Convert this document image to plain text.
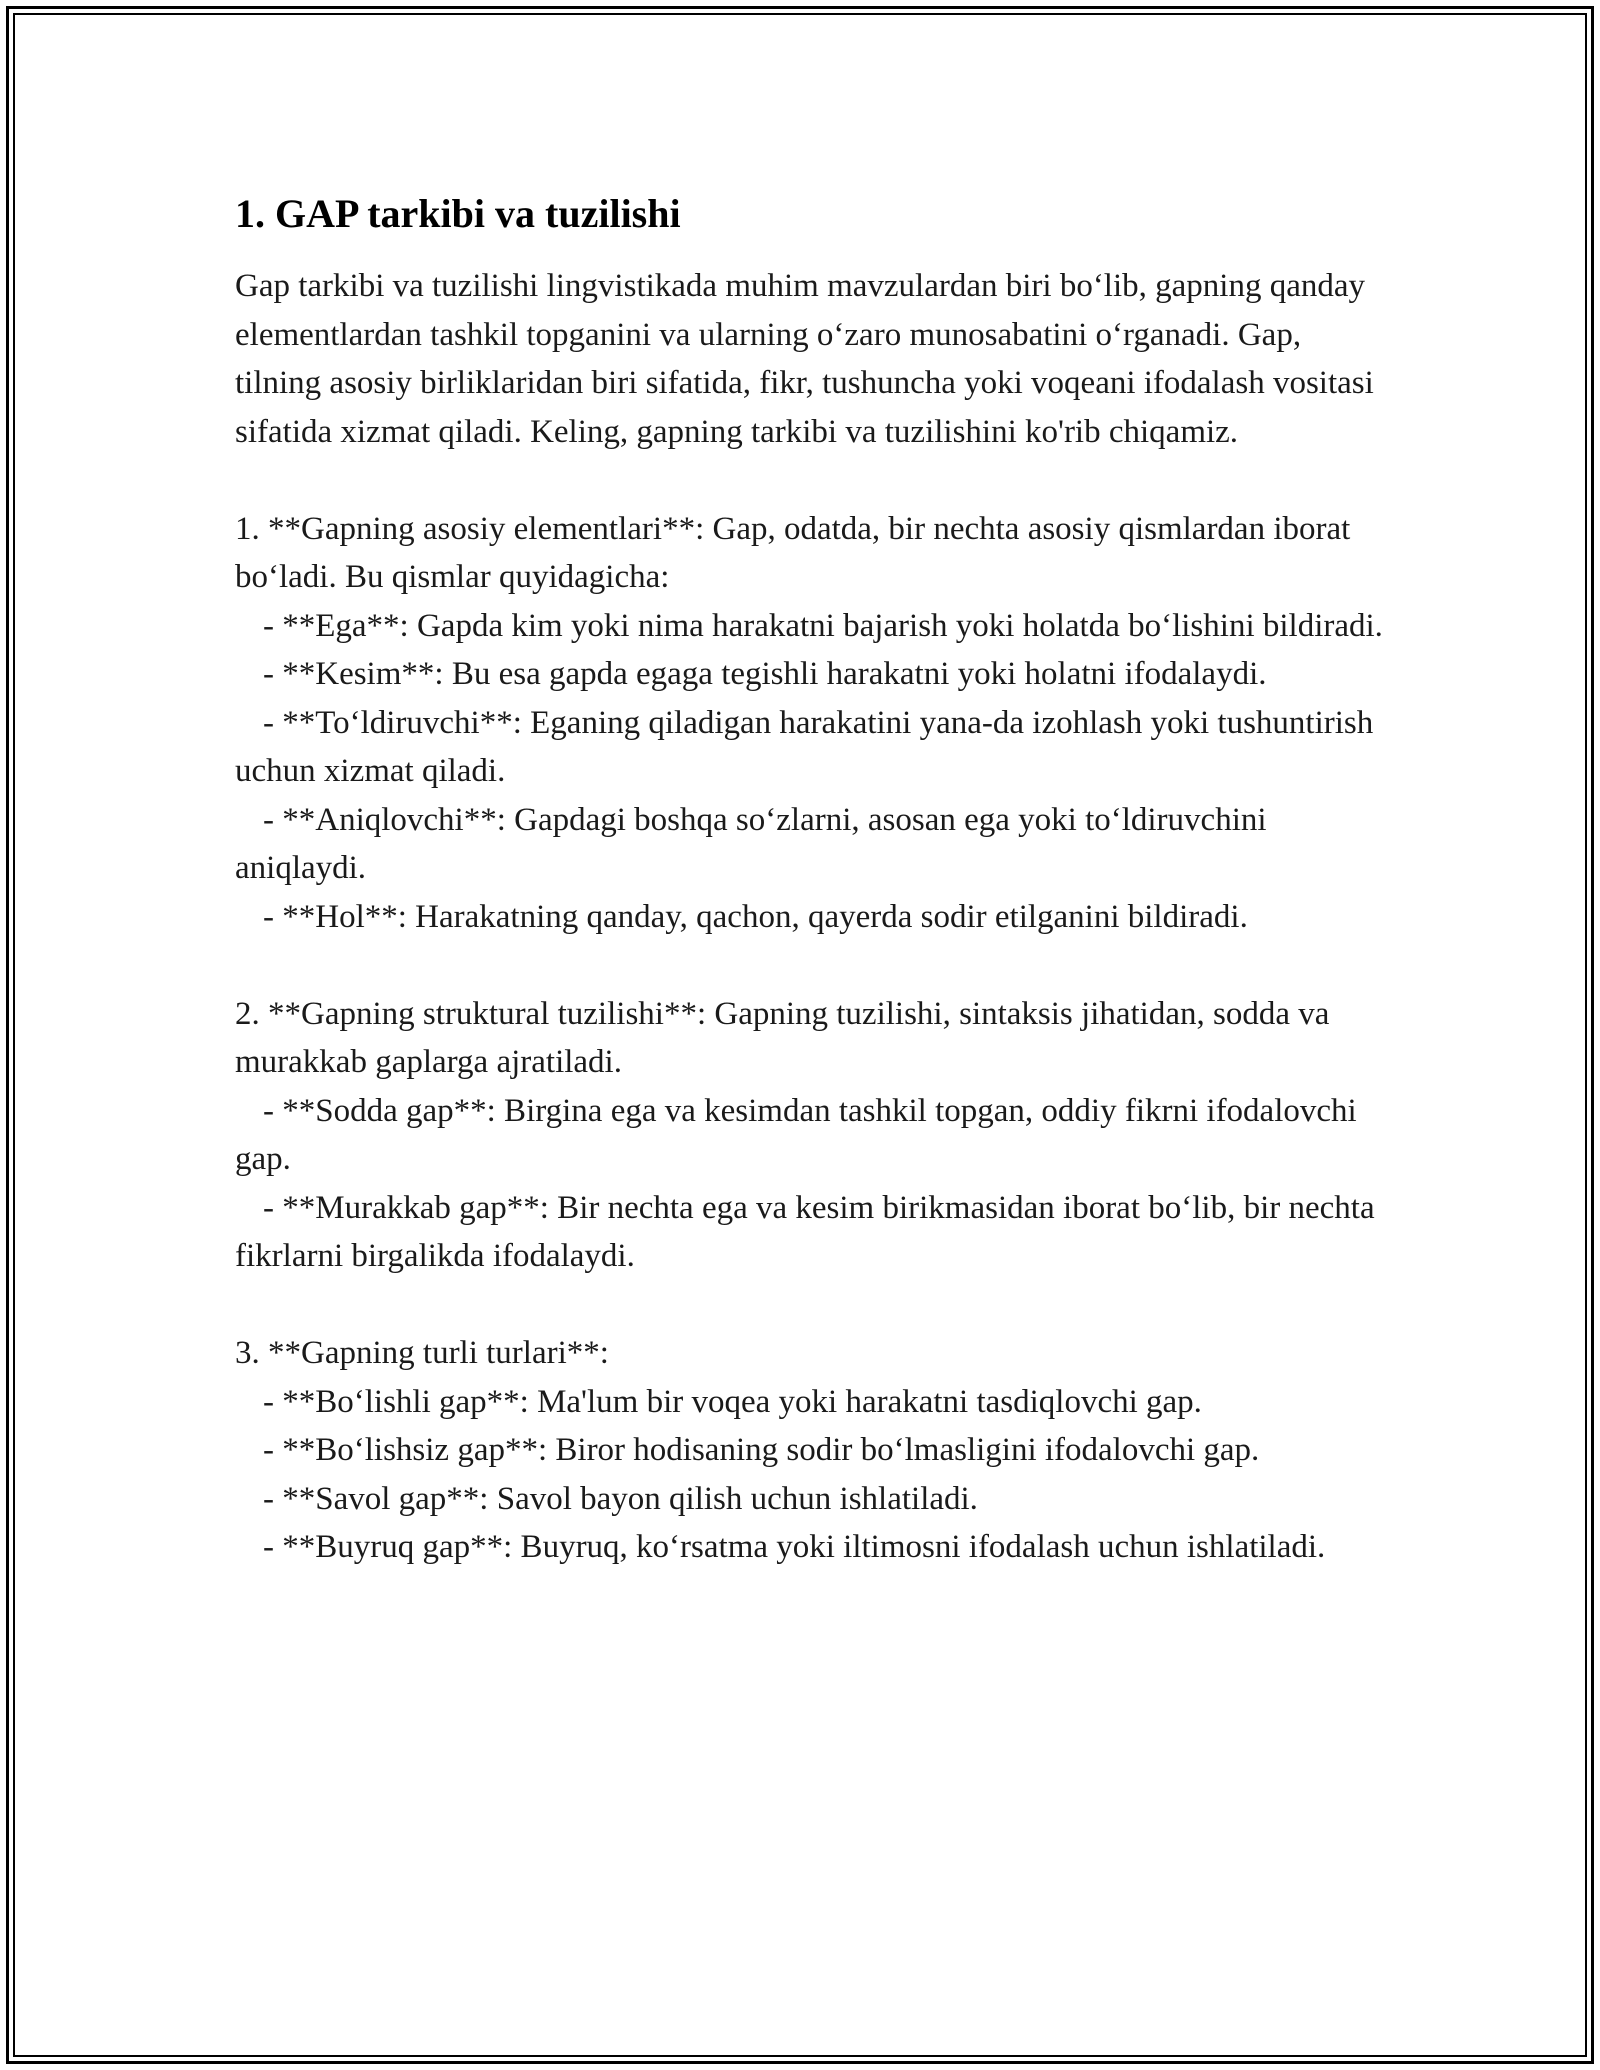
1. GAP tarkibi va tuzilishi

Gap tarkibi va tuzilishi lingvistikada muhim mavzulardan biri bo‘lib, gapning qanday elementlardan tashkil topganini va ularning o‘zaro munosabatini o‘rganadi. Gap, tilning asosiy birliklaridan biri sifatida, fikr, tushuncha yoki voqeani ifodalash vositasi sifatida xizmat qiladi. Keling, gapning tarkibi va tuzilishini ko'rib chiqamiz.

1. **Gapning asosiy elementlari**: Gap, odatda, bir nechta asosiy qismlardan iborat bo‘ladi. Bu qismlar quyidagicha:
- **Ega**: Gapda kim yoki nima harakatni bajarish yoki holatda bo‘lishini bildiradi.
- **Kesim**: Bu esa gapda egaga tegishli harakatni yoki holatni ifodalaydi.
- **To‘ldiruvchi**: Eganing qiladigan harakatini yana-da izohlash yoki tushuntirish uchun xizmat qiladi.
- **Aniqlovchi**: Gapdagi boshqa so‘zlarni, asosan ega yoki to‘ldiruvchini aniqlaydi.
- **Hol**: Harakatning qanday, qachon, qayerda sodir etilganini bildiradi.
2. **Gapning struktural tuzilishi**: Gapning tuzilishi, sintaksis jihatidan, sodda va murakkab gaplarga ajratiladi.
- **Sodda gap**: Birgina ega va kesimdan tashkil topgan, oddiy fikrni ifodalovchi gap.
- **Murakkab gap**: Bir nechta ega va kesim birikmasidan iborat bo‘lib, bir nechta fikrlarni birgalikda ifodalaydi.
3. **Gapning turli turlari**:
- **Bo‘lishli gap**: Ma'lum bir voqea yoki harakatni tasdiqlovchi gap.
- **Bo‘lishsiz gap**: Biror hodisaning sodir bo‘lmasligini ifodalovchi gap.
- **Savol gap**: Savol bayon qilish uchun ishlatiladi.
- **Buyruq gap**: Buyruq, ko‘rsatma yoki iltimosni ifodalash uchun ishlatiladi.
